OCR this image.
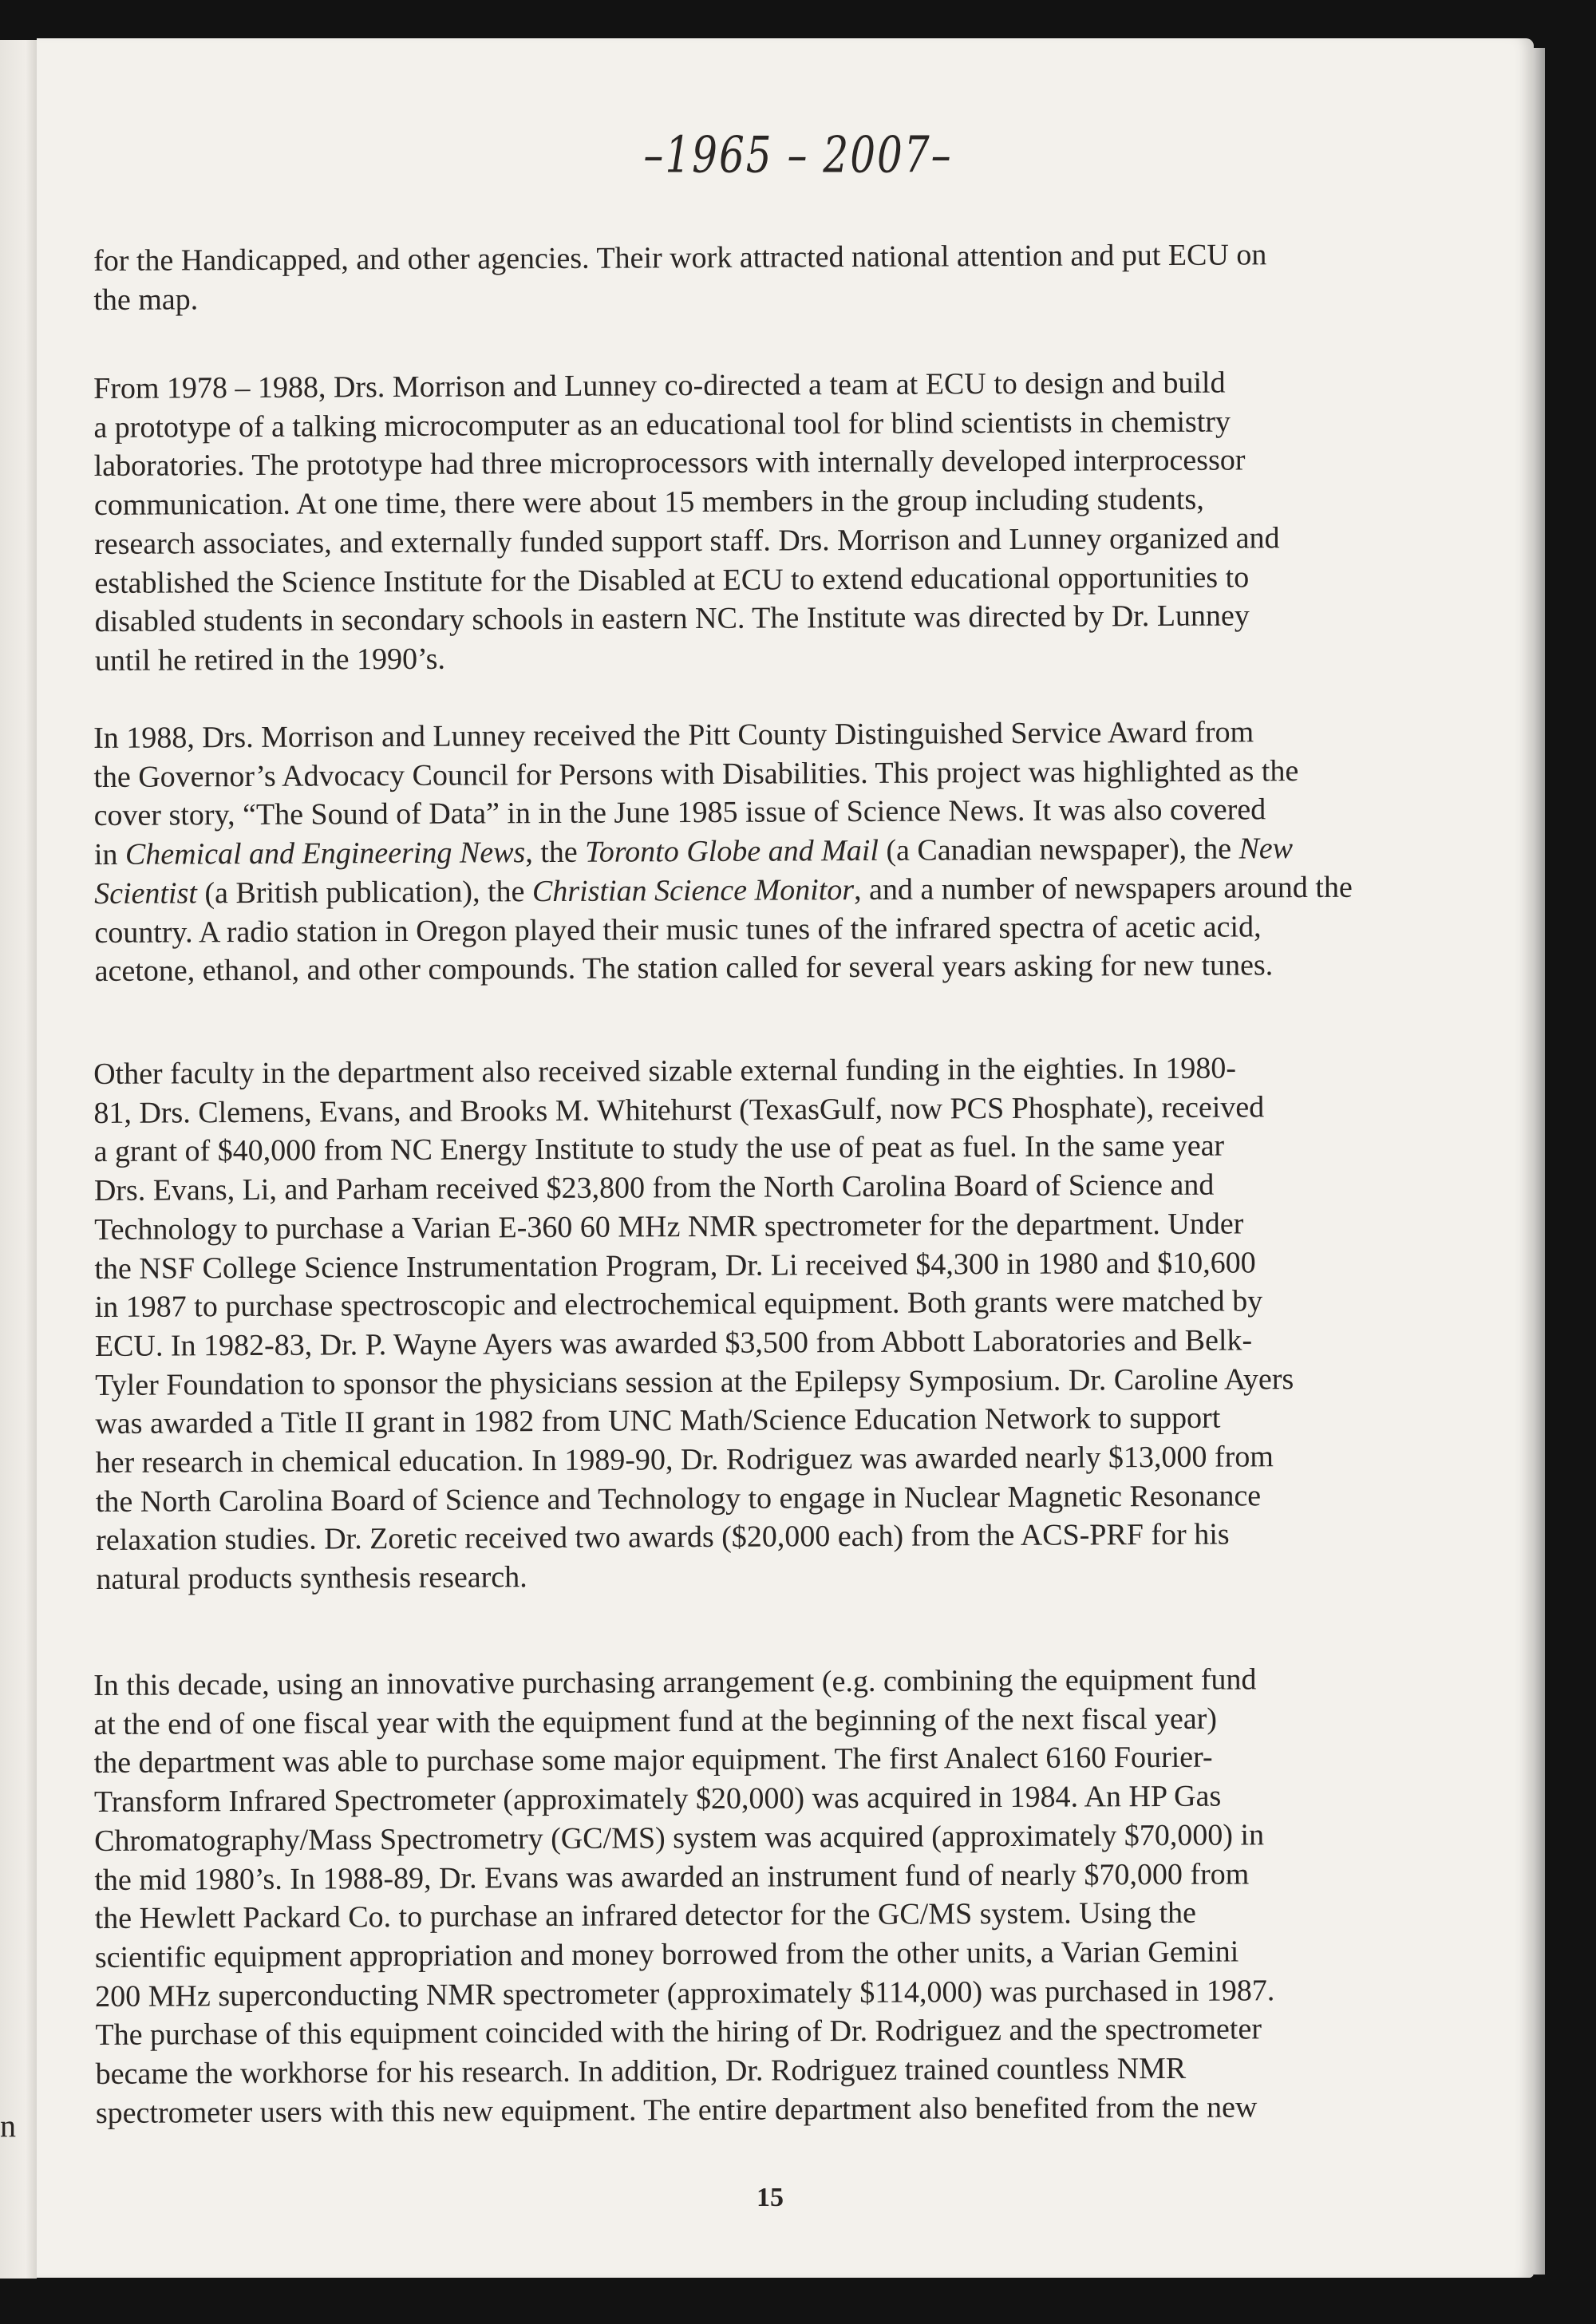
n
–1965 – 2007–
for the Handicapped, and other agencies. Their work attracted national attention and put ECU on
the map.
From 1978 – 1988, Drs. Morrison and Lunney co-directed a team at ECU to design and build
a prototype of a talking microcomputer as an educational tool for blind scientists in chemistry
laboratories. The prototype had three microprocessors with internally developed interprocessor
communication. At one time, there were about 15 members in the group including students,
research associates, and externally funded support staff. Drs. Morrison and Lunney organized and
established the Science Institute for the Disabled at ECU to extend educational opportunities to
disabled students in secondary schools in eastern NC. The Institute was directed by Dr. Lunney
until he retired in the 1990’s.
In 1988, Drs. Morrison and Lunney received the Pitt County Distinguished Service Award from
the Governor’s Advocacy Council for Persons with Disabilities. This project was highlighted as the
cover story, “The Sound of Data” in in the June 1985 issue of Science News. It was also covered
in Chemical and Engineering News, the Toronto Globe and Mail (a Canadian newspaper), the New
Scientist (a British publication), the Christian Science Monitor, and a number of newspapers around the
country. A radio station in Oregon played their music tunes of the infrared spectra of acetic acid,
acetone, ethanol, and other compounds. The station called for several years asking for new tunes.
Other faculty in the department also received sizable external funding in the eighties. In 1980-
81, Drs. Clemens, Evans, and Brooks M. Whitehurst (TexasGulf, now PCS Phosphate), received
a grant of $40,000 from NC Energy Institute to study the use of peat as fuel. In the same year
Drs. Evans, Li, and Parham received $23,800 from the North Carolina Board of Science and
Technology to purchase a Varian E-360 60 MHz NMR spectrometer for the department. Under
the NSF College Science Instrumentation Program, Dr. Li received $4,300 in 1980 and $10,600
in 1987 to purchase spectroscopic and electrochemical equipment. Both grants were matched by
ECU. In 1982-83, Dr. P. Wayne Ayers was awarded $3,500 from Abbott Laboratories and Belk-
Tyler Foundation to sponsor the physicians session at the Epilepsy Symposium. Dr. Caroline Ayers
was awarded a Title II grant in 1982 from UNC Math/Science Education Network to support
her research in chemical education. In 1989-90, Dr. Rodriguez was awarded nearly $13,000 from
the North Carolina Board of Science and Technology to engage in Nuclear Magnetic Resonance
relaxation studies. Dr. Zoretic received two awards ($20,000 each) from the ACS-PRF for his
natural products synthesis research.
In this decade, using an innovative purchasing arrangement (e.g. combining the equipment fund
at the end of one fiscal year with the equipment fund at the beginning of the next fiscal year)
the department was able to purchase some major equipment. The first Analect 6160 Fourier-
Transform Infrared Spectrometer (approximately $20,000) was acquired in 1984. An HP Gas
Chromatography/Mass Spectrometry (GC/MS) system was acquired (approximately $70,000) in
the mid 1980’s. In 1988-89, Dr. Evans was awarded an instrument fund of nearly $70,000 from
the Hewlett Packard Co. to purchase an infrared detector for the GC/MS system. Using the
scientific equipment appropriation and money borrowed from the other units, a Varian Gemini
200 MHz superconducting NMR spectrometer (approximately $114,000) was purchased in 1987.
The purchase of this equipment coincided with the hiring of Dr. Rodriguez and the spectrometer
became the workhorse for his research. In addition, Dr. Rodriguez trained countless NMR
spectrometer users with this new equipment. The entire department also benefited from the new
15
